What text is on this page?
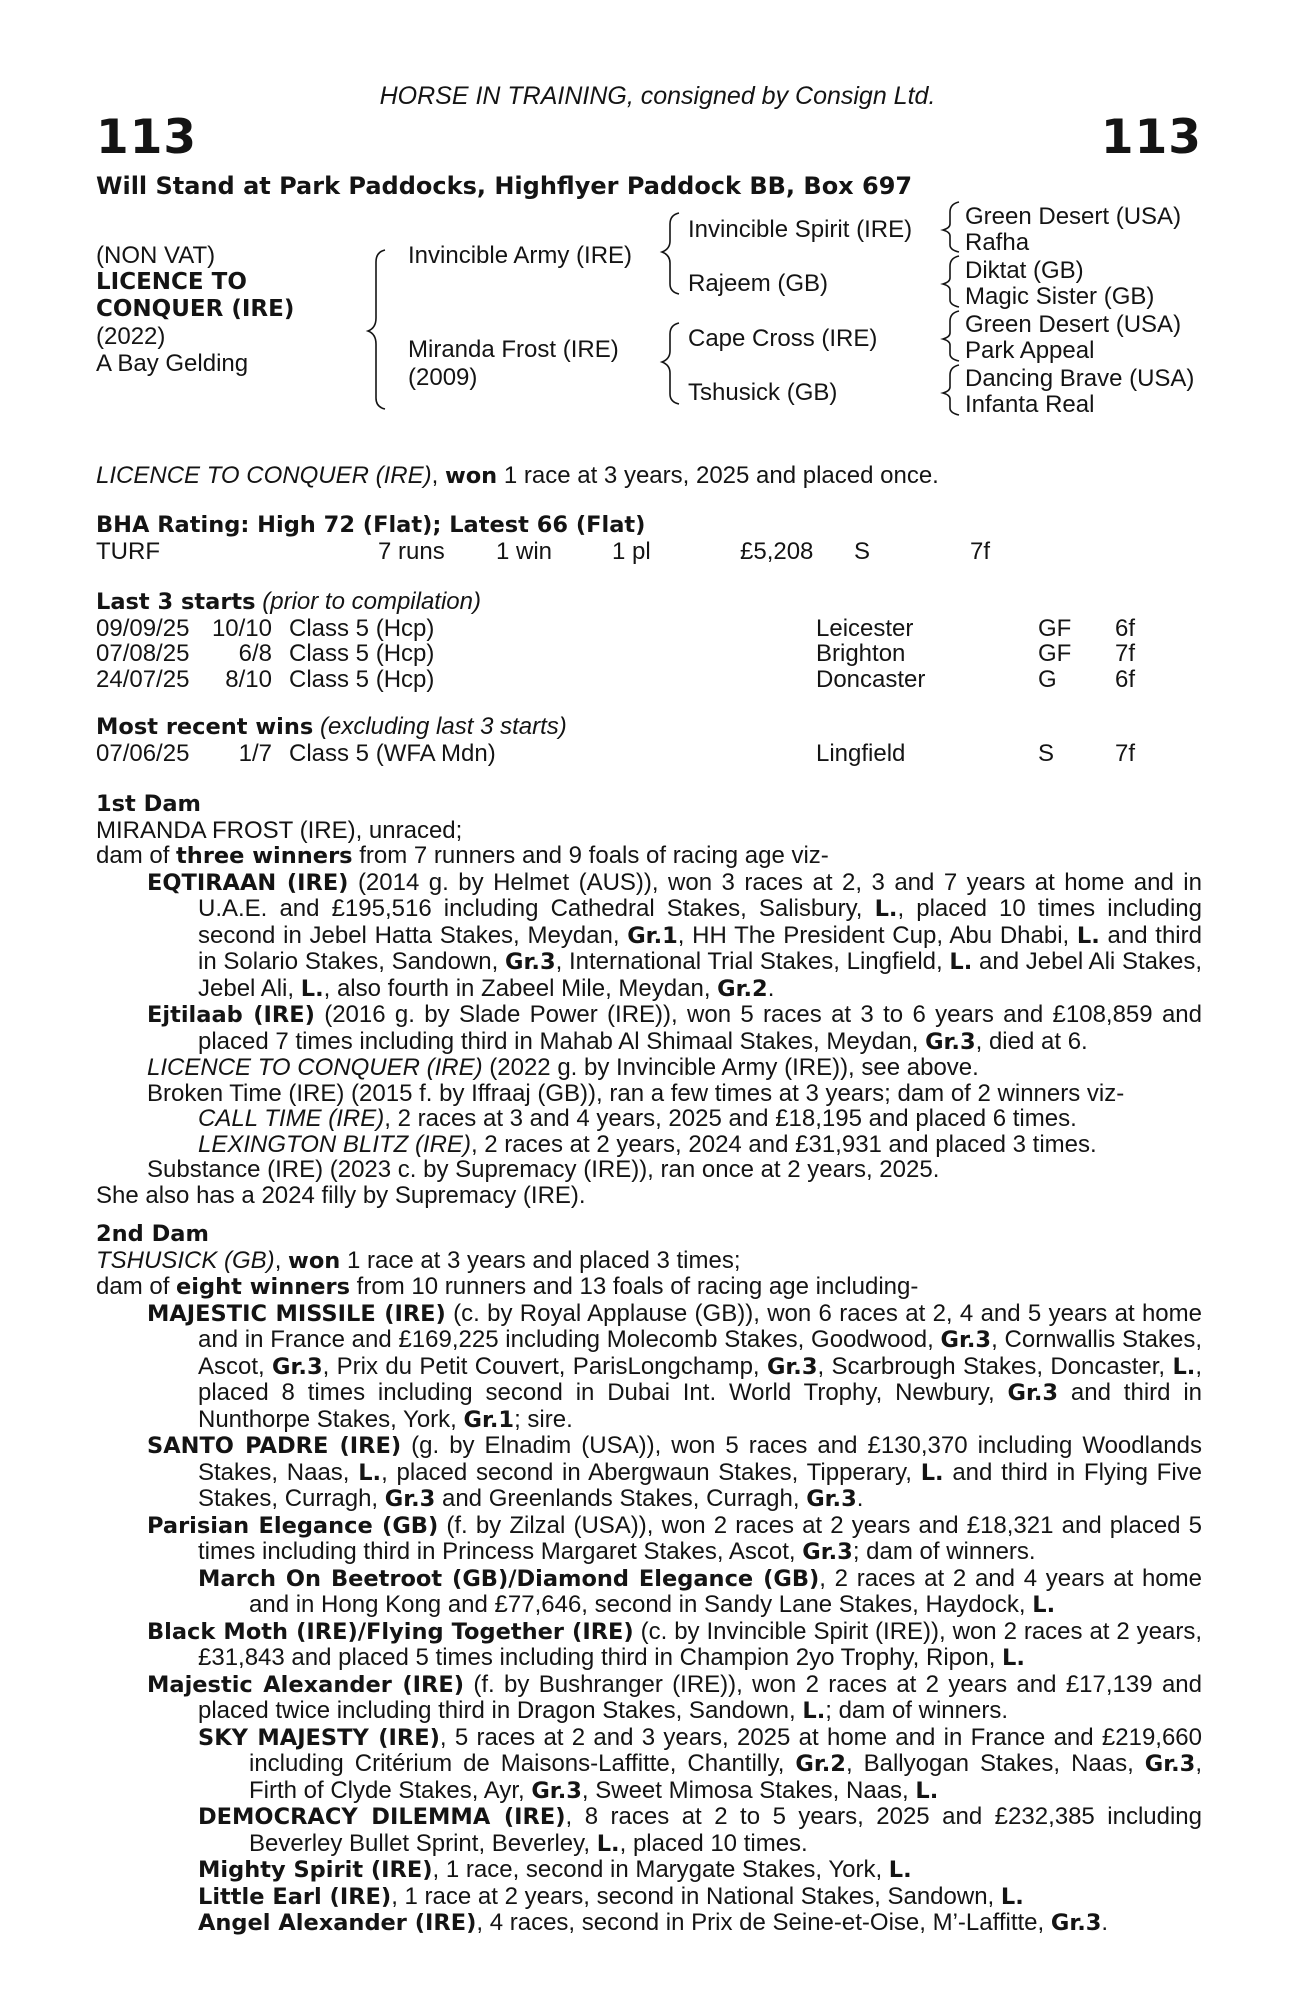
HORSE IN TRAINING, consigned by Consign Ltd.
113	113
Will Stand at Park Paddocks, Highflyer Paddock BB, Box 697
(NON VAT)
LICENCE TO
CONQUER (IRE)
(2022)
A Bay Gelding
Invincible Army (IRE)
Miranda Frost (IRE)
(2009)
Invincible Spirit (IRE)
Rajeem (GB)
Cape Cross (IRE)
Tshusick (GB)
Green Desert (USA)
Rafha
Diktat (GB)
Magic Sister (GB)
Green Desert (USA)
Park Appeal
Dancing Brave (USA)
Infanta Real
LICENCE TO CONQUER (IRE), won 1 race at 3 years, 2025 and placed once.
BHA Rating: High 72 (Flat); Latest 66 (Flat)
TURF	7 runs 1 win 1 pl	£5,208 S	7f
Last 3 starts (prior to compilation)
09/09/25 10/10 Class 5 (Hcp)	Leicester	GF 6f
07/08/25 6/8 Class 5 (Hcp)	Brighton	GF 7f
24/07/25 8/10 Class 5 (Hcp)	Doncaster	G 6f
Most recent wins (excluding last 3 starts)
07/06/25 1/7 Class 5 (WFA Mdn)	Lingfield	S	7f
1st Dam
MIRANDA FROST (IRE), unraced;
dam of three winners from 7 runners and 9 foals of racing age viz-
EQTIRAAN (IRE) (2014 g. by Helmet (AUS)), won 3 races at 2, 3 and 7 years at home and in U.A.E. and £195,516 including Cathedral Stakes, Salisbury, L., placed 10 times including second in Jebel Hatta Stakes, Meydan, Gr.1, HH The President Cup, Abu Dhabi, L. and third in Solario Stakes, Sandown, Gr.3, International Trial Stakes, Lingfield, L. and Jebel Ali Stakes, Jebel Ali, L., also fourth in Zabeel Mile, Meydan, Gr.2.
Ejtilaab (IRE) (2016 g. by Slade Power (IRE)), won 5 races at 3 to 6 years and £108,859 and placed 7 times including third in Mahab Al Shimaal Stakes, Meydan, Gr.3, died at 6.
LICENCE TO CONQUER (IRE) (2022 g. by Invincible Army (IRE)), see above.
Broken Time (IRE) (2015 f. by Iffraaj (GB)), ran a few times at 3 years; dam of 2 winners viz-
CALL TIME (IRE), 2 races at 3 and 4 years, 2025 and £18,195 and placed 6 times.
LEXINGTON BLITZ (IRE), 2 races at 2 years, 2024 and £31,931 and placed 3 times.
Substance (IRE) (2023 c. by Supremacy (IRE)), ran once at 2 years, 2025.
She also has a 2024 filly by Supremacy (IRE).
2nd Dam
TSHUSICK (GB), won 1 race at 3 years and placed 3 times;
dam of eight winners from 10 runners and 13 foals of racing age including-
MAJESTIC MISSILE (IRE) (c. by Royal Applause (GB)), won 6 races at 2, 4 and 5 years at home and in France and £169,225 including Molecomb Stakes, Goodwood, Gr.3, Cornwallis Stakes, Ascot, Gr.3, Prix du Petit Couvert, ParisLongchamp, Gr.3, Scarbrough Stakes, Doncaster, L., placed 8 times including second in Dubai Int. World Trophy, Newbury, Gr.3 and third in Nunthorpe Stakes, York, Gr.1; sire.
SANTO PADRE (IRE) (g. by Elnadim (USA)), won 5 races and £130,370 including Woodlands Stakes, Naas, L., placed second in Abergwaun Stakes, Tipperary, L. and third in Flying Five Stakes, Curragh, Gr.3 and Greenlands Stakes, Curragh, Gr.3.
Parisian Elegance (GB) (f. by Zilzal (USA)), won 2 races at 2 years and £18,321 and placed 5 times including third in Princess Margaret Stakes, Ascot, Gr.3; dam of winners.
March On Beetroot (GB)/Diamond Elegance (GB), 2 races at 2 and 4 years at home and in Hong Kong and £77,646, second in Sandy Lane Stakes, Haydock, L.
Black Moth (IRE)/Flying Together (IRE) (c. by Invincible Spirit (IRE)), won 2 races at 2 years, £31,843 and placed 5 times including third in Champion 2yo Trophy, Ripon, L.
Majestic Alexander (IRE) (f. by Bushranger (IRE)), won 2 races at 2 years and £17,139 and placed twice including third in Dragon Stakes, Sandown, L.; dam of winners.
SKY MAJESTY (IRE), 5 races at 2 and 3 years, 2025 at home and in France and £219,660 including Critérium de Maisons-Laffitte, Chantilly, Gr.2, Ballyogan Stakes, Naas, Gr.3, Firth of Clyde Stakes, Ayr, Gr.3, Sweet Mimosa Stakes, Naas, L.
DEMOCRACY DILEMMA (IRE), 8 races at 2 to 5 years, 2025 and £232,385 including Beverley Bullet Sprint, Beverley, L., placed 10 times.
Mighty Spirit (IRE), 1 race, second in Marygate Stakes, York, L.
Little Earl (IRE), 1 race at 2 years, second in National Stakes, Sandown, L.
Angel Alexander (IRE), 4 races, second in Prix de Seine-et-Oise, M’-Laffitte, Gr.3.
